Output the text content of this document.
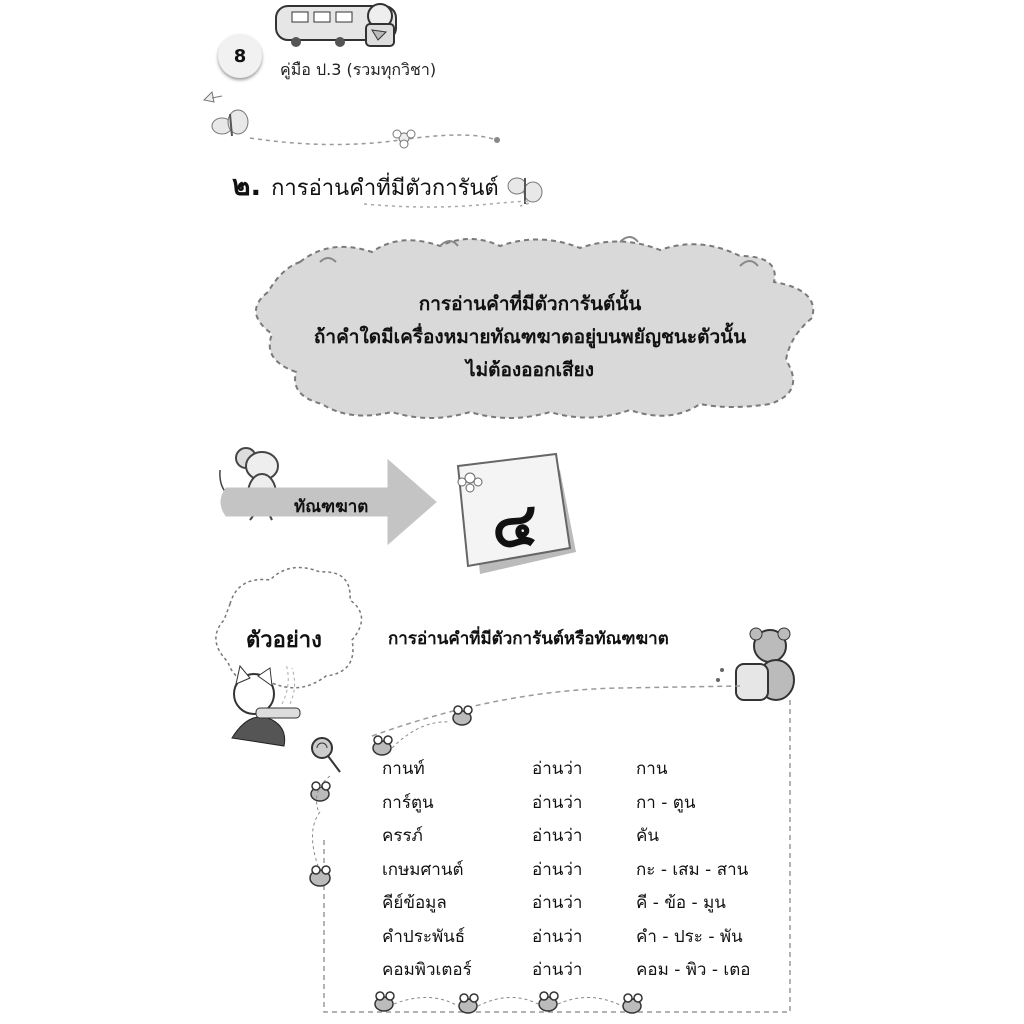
8
คู่มือ ป.3 (รวมทุกวิชา)
๒. การอ่านคำที่มีตัวการันต์
การอ่านคำที่มีตัวการันต์นั้น
ถ้าคำใดมีเครื่องหมายทัณฑฆาตอยู่บนพยัญชนะตัวนั้น
ไม่ต้องออกเสียง
ทัณฑฆาต ๔
ตัวอย่าง	การอ่านคำที่มีตัวการันต์หรือทัณฑฆาต
กานท์	อ่านว่า	กาน
การ์ตูน	อ่านว่า	กา - ตูน
ครรภ์	อ่านว่า	คัน
เกษมศานต์	อ่านว่า	กะ - เสม - สาน
คีย์ข้อมูล	อ่านว่า	คี - ข้อ - มูน
คำประพันธ์	อ่านว่า	คำ - ประ - พัน
คอมพิวเตอร์	อ่านว่า	คอม - พิว - เตอ
